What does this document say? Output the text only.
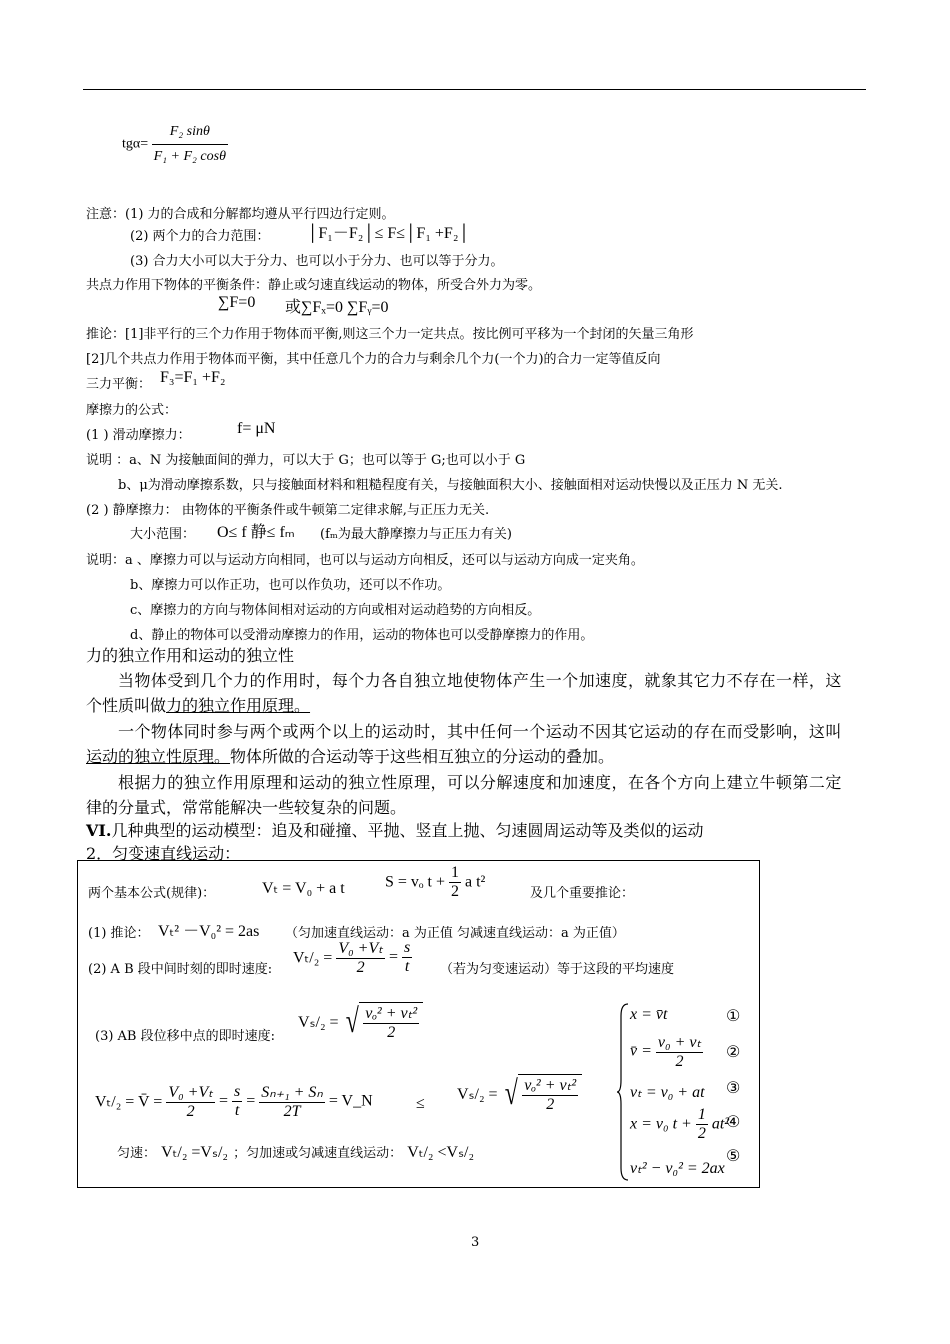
$tg\alpha= \frac{\text{F₂ sinθ}}{\text{F₁ + F₂ cosθ}}$
注意：(1) 力的合成和分解都均遵从平行四边行定则。
(2) 两个力的合力范围： │F₁－F₂│≤ F≤│F₁ +F₂│
(3) 合力大小可以大于分力、也可以小于分力、也可以等于分力。
共点力作用下物体的平衡条件：静止或匀速直线运动的物体，所受合外力为零。
∑F=0 或∑Fₓ=0 ∑Fᵧ=0
推论：[1]非平行的三个力作用于物体而平衡,则这三个力一定共点。按比例可平移为一个封闭的矢量三角形
[2]几个共点力作用于物体而平衡，其中任意几个力的合力与剩余几个力(一个力)的合力一定等值反向
三力平衡： F₃=F₁ +F₂
摩擦力的公式：
(1 ) 滑动摩擦力：	f= μN
说明 ：a、N 为接触面间的弹力，可以大于 G；也可以等于 G;也可以小于 G
b、μ为滑动摩擦系数，只与接触面材料和粗糙程度有关，与接触面积大小、接触面相对运动快慢以及正压力 N 无关.
(2 ) 静摩擦力： 由物体的平衡条件或牛顿第二定律求解,与正压力无关.
大小范围： O≤ f 静≤ fₘ (fₘ为最大静摩擦力与正压力有关)
说明：a 、摩擦力可以与运动方向相同，也可以与运动方向相反，还可以与运动方向成一定夹角。
b、摩擦力可以作正功，也可以作负功，还可以不作功。
c、摩擦力的方向与物体间相对运动的方向或相对运动趋势的方向相反。
d、静止的物体可以受滑动摩擦力的作用，运动的物体也可以受静摩擦力的作用。
力的独立作用和运动的独立性
当物体受到几个力的作用时，每个力各自独立地使物体产生一个加速度，就象其它力不存在一样，这
个性质叫做力的独立作用原理。
一个物体同时参与两个或两个以上的运动时，其中任何一个运动不因其它运动的存在而受影响，这叫
运动的独立性原理。物体所做的合运动等于这些相互独立的分运动的叠加。
根据力的独立作用原理和运动的独立性原理，可以分解速度和加速度，在各个方向上建立牛顿第二定
律的分量式，常常能解决一些较复杂的问题。
VI.几种典型的运动模型：追及和碰撞、平抛、竖直上抛、匀速圆周运动等及类似的运动
2．匀变速直线运动：
两个基本公式(规律)：	Vₜ = V₀ + a t	S = vₒ $t + \frac{1}{2}$ a t²
及几个重要推论：
(1) 推论： Vₜ² －V₀² = 2as （匀加速直线运动：a 为正值 匀减速直线运动：a 为正值）
(2) A B 段中间时刻的即时速度:
$V_t/_2 = \frac{\text{V₀ +Vₜ}}{2} = \frac{s}{t}$ （若为匀变速运动）等于这段的平均速度
(3) AB 段位移中点的即时速度:
Vₛ/₂ = √ $\frac{\text{vₒ² + vₜ²}}{2}$
Vₜ/₂ = V̄ = $\frac{\text{V₀ +Vₜ}}{2} = \frac{s}{t} = \frac{\text{Sₙ₊₁ + Sₙ}}{2T}$ = V_N	≤
Vₛ/₂ = √ $\frac{\text{vₒ² + vₜ²}}{2}$
匀速： Vₜ/₂ =Vₛ/₂ ；匀加速或匀减速直线运动： Vₜ/₂ <Vₛ/₂
x = v̄t	①
v̄ = $\frac{\text{v₀ + vₜ}}{2}$ ②
vₜ = v₀ + at ③
x = v₀ $t + \frac{1}{2} at^2$
④
vₜ² − v₀² = 2ax
⑤
3
